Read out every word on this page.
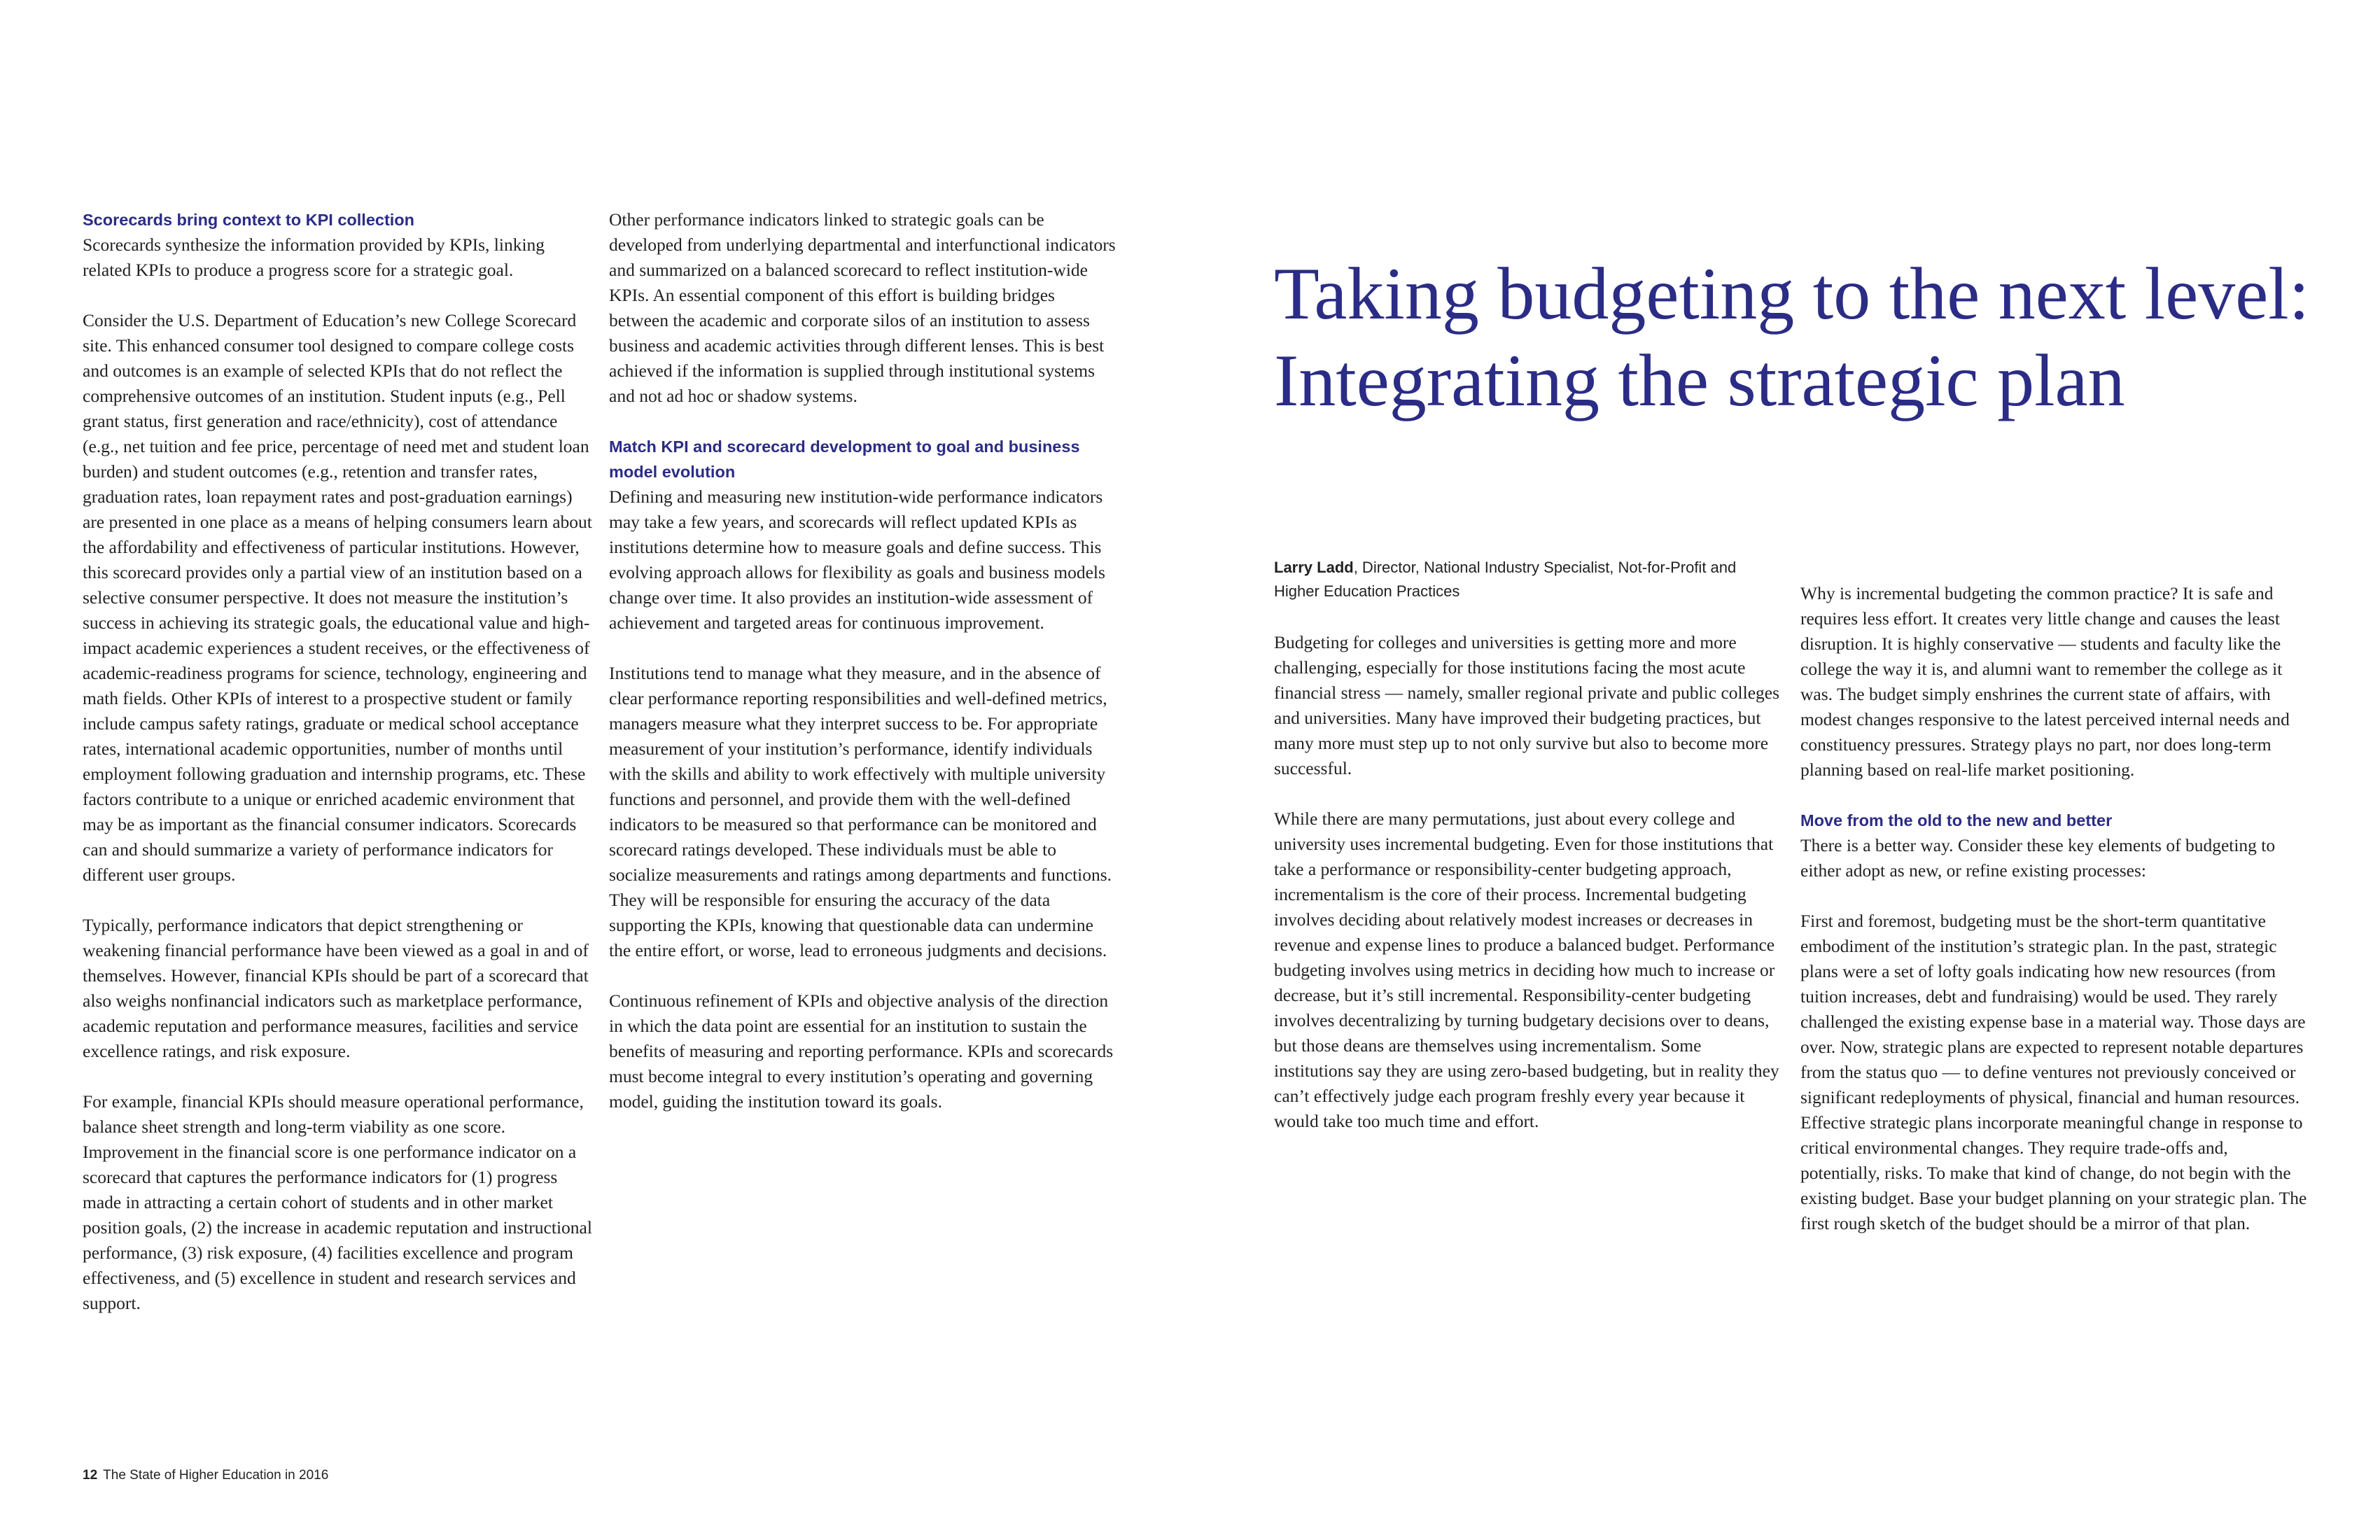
Scorecards bring context to KPI collection

Scorecards synthesize the information provided by KPIs, linking related KPIs to produce a progress score for a strategic goal.

Consider the U.S. Department of Education’s new College Scorecard site. This enhanced consumer tool designed to compare college costs and outcomes is an example of selected KPIs that do not reflect the comprehensive outcomes of an institution. Student inputs (e.g., Pell grant status, first generation and race/ethnicity), cost of attendance (e.g., net tuition and fee price, percentage of need met and student loan burden) and student outcomes (e.g., retention and transfer rates, graduation rates, loan repayment rates and post-graduation earnings) are presented in one place as a means of helping consumers learn about the affordability and effectiveness of particular institutions. However, this scorecard provides only a partial view of an institution based on a selective consumer perspective. It does not measure the institution’s success in achieving its strategic goals, the educational value and high-impact academic experiences a student receives, or the effectiveness of academic-readiness programs for science, technology, engineering and math fields. Other KPIs of interest to a prospective student or family include campus safety ratings, graduate or medical school acceptance rates, international academic opportunities, number of months until employment following graduation and internship programs, etc. These factors contribute to a unique or enriched academic environment that may be as important as the financial consumer indicators. Scorecards can and should summarize a variety of performance indicators for different user groups.

Typically, performance indicators that depict strengthening or weakening financial performance have been viewed as a goal in and of themselves. However, financial KPIs should be part of a scorecard that also weighs nonfinancial indicators such as marketplace performance, academic reputation and performance measures, facilities and service excellence ratings, and risk exposure.

For example, financial KPIs should measure operational performance, balance sheet strength and long-term viability as one score. Improvement in the financial score is one performance indicator on a scorecard that captures the performance indicators for (1) progress made in attracting a certain cohort of students and in other market position goals, (2) the increase in academic reputation and instructional performance, (3) risk exposure, (4) facilities excellence and program effectiveness, and (5) excellence in student and research services and support.

Other performance indicators linked to strategic goals can be developed from underlying departmental and interfunctional indicators and summarized on a balanced scorecard to reflect institution-wide KPIs. An essential component of this effort is building bridges between the academic and corporate silos of an institution to assess business and academic activities through different lenses. This is best achieved if the information is supplied through institutional systems and not ad hoc or shadow systems.

Match KPI and scorecard development to goal and business model evolution

Defining and measuring new institution-wide performance indicators may take a few years, and scorecards will reflect updated KPIs as institutions determine how to measure goals and define success. This evolving approach allows for flexibility as goals and business models change over time. It also provides an institution-wide assessment of achievement and targeted areas for continuous improvement.

Institutions tend to manage what they measure, and in the absence of clear performance reporting responsibilities and well-defined metrics, managers measure what they interpret success to be. For appropriate measurement of your institution’s performance, identify individuals with the skills and ability to work effectively with multiple university functions and personnel, and provide them with the well-defined indicators to be measured so that performance can be monitored and scorecard ratings developed. These individuals must be able to socialize measurements and ratings among departments and functions. They will be responsible for ensuring the accuracy of the data supporting the KPIs, knowing that questionable data can undermine the entire effort, or worse, lead to erroneous judgments and decisions.

Continuous refinement of KPIs and objective analysis of the direction in which the data point are essential for an institution to sustain the benefits of measuring and reporting performance. KPIs and scorecards must become integral to every institution’s operating and governing model, guiding the institution toward its goals.

Taking budgeting to the next level: Integrating the strategic plan

Larry Ladd, Director, National Industry Specialist, Not-for-Profit and Higher Education Practices

Budgeting for colleges and universities is getting more and more challenging, especially for those institutions facing the most acute financial stress — namely, smaller regional private and public colleges and universities. Many have improved their budgeting practices, but many more must step up to not only survive but also to become more successful.

While there are many permutations, just about every college and university uses incremental budgeting. Even for those institutions that take a performance or responsibility-center budgeting approach, incrementalism is the core of their process. Incremental budgeting involves deciding about relatively modest increases or decreases in revenue and expense lines to produce a balanced budget. Performance budgeting involves using metrics in deciding how much to increase or decrease, but it’s still incremental. Responsibility-center budgeting involves decentralizing by turning budgetary decisions over to deans, but those deans are themselves using incrementalism. Some institutions say they are using zero-based budgeting, but in reality they can’t effectively judge each program freshly every year because it would take too much time and effort.

Why is incremental budgeting the common practice? It is safe and requires less effort. It creates very little change and causes the least disruption. It is highly conservative — students and faculty like the college the way it is, and alumni want to remember the college as it was. The budget simply enshrines the current state of affairs, with modest changes responsive to the latest perceived internal needs and constituency pressures. Strategy plays no part, nor does long-term planning based on real-life market positioning.

Move from the old to the new and better

There is a better way. Consider these key elements of budgeting to either adopt as new, or refine existing processes:

First and foremost, budgeting must be the short-term quantitative embodiment of the institution’s strategic plan. In the past, strategic plans were a set of lofty goals indicating how new resources (from tuition increases, debt and fundraising) would be used. They rarely challenged the existing expense base in a material way. Those days are over. Now, strategic plans are expected to represent notable departures from the status quo — to define ventures not previously conceived or significant redeployments of physical, financial and human resources. Effective strategic plans incorporate meaningful change in response to critical environmental changes. They require trade-offs and, potentially, risks. To make that kind of change, do not begin with the existing budget. Base your budget planning on your strategic plan. The first rough sketch of the budget should be a mirror of that plan.

12 The State of Higher Education in 2016
